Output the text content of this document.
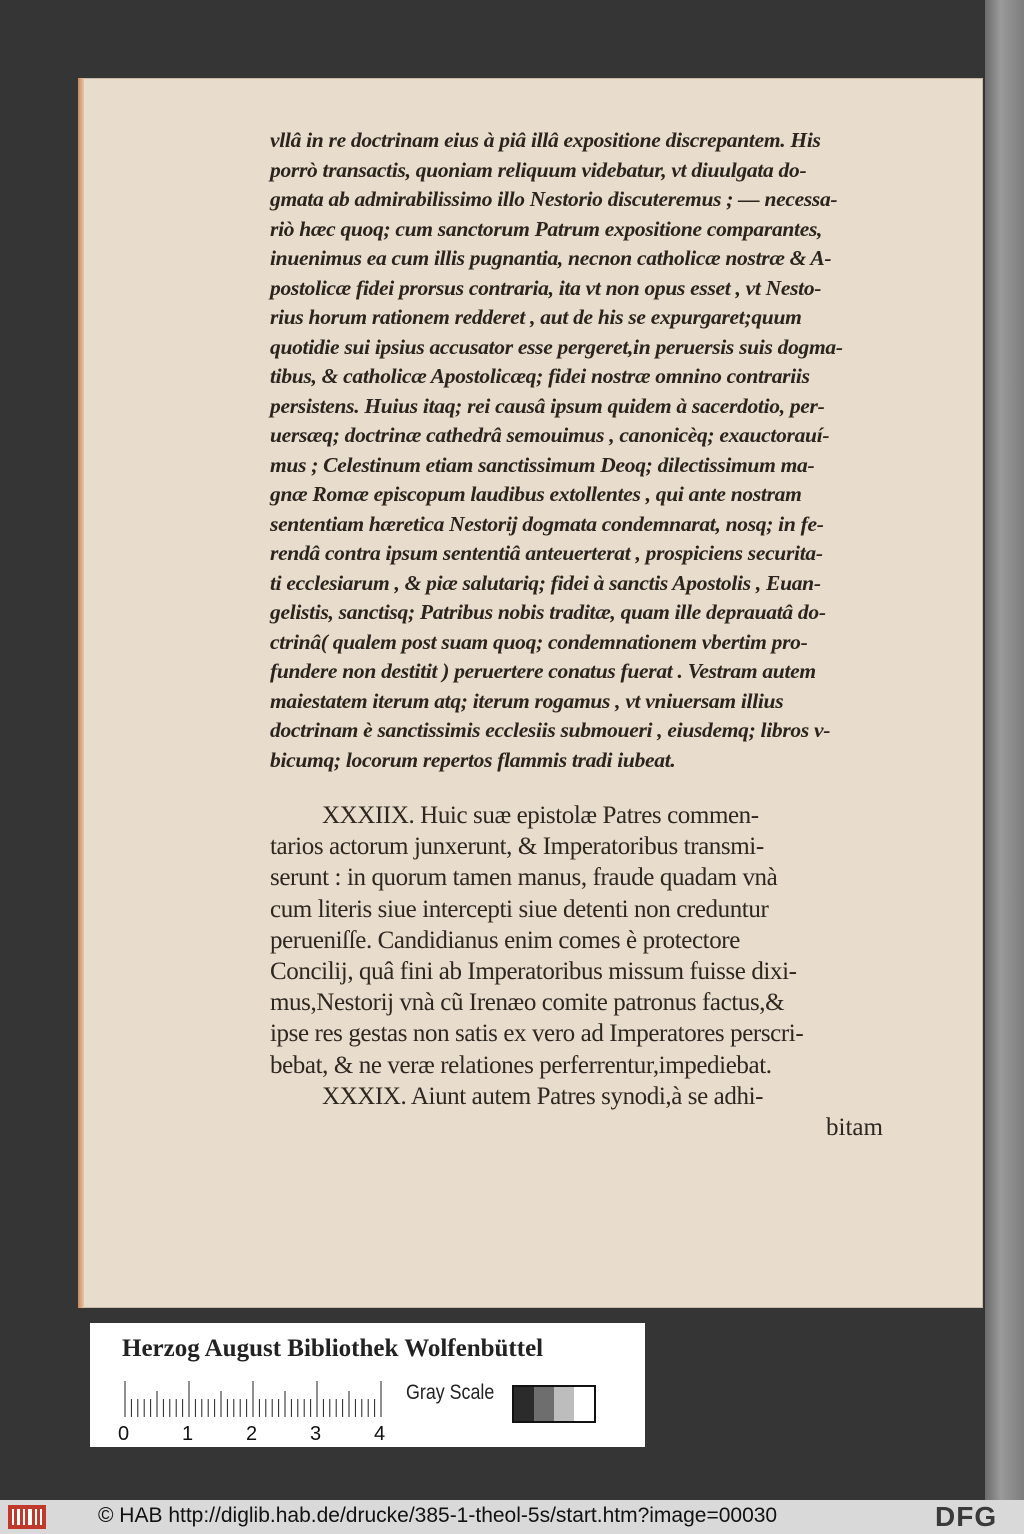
vllâ in re doctrinam eius à piâ illâ expositione discrepantem. His
porrò transactis, quoniam reliquum videbatur, vt diuulgata do-
gmata ab admirabilissimo illo Nestorio discuteremus ; — necessa-
riò hæc quoq; cum sanctorum Patrum expositione comparantes,
inuenimus ea cum illis pugnantia, necnon catholicæ nostræ & A-
postolicæ fidei prorsus contraria, ita vt non opus esset , vt Nesto-
rius horum rationem redderet , aut de his se expurgaret;quum
quotidie sui ipsius accusator esse pergeret,in peruersis suis dogma-
tibus, & catholicæ Apostolicæq; fidei nostræ omnino contrariis
persistens. Huius itaq; rei causâ ipsum quidem à sacerdotio, per-
uersæq; doctrinæ cathedrâ semouimus , canonicèq; exauctorauí-
mus ; Celestinum etiam sanctissimum Deoq; dilectissimum ma-
gnæ Romæ episcopum laudibus extollentes , qui ante nostram
sententiam hæretica Nestorij dogmata condemnarat, nosq; in fe-
rendâ contra ipsum sententiâ anteuerterat , prospiciens securita-
ti ecclesiarum , & piæ salutariq; fidei à sanctis Apostolis , Euan-
gelistis, sanctisq; Patribus nobis traditæ, quam ille deprauatâ do-
ctrinâ( qualem post suam quoq; condemnationem vbertim pro-
fundere non destitit ) peruertere conatus fuerat . Vestram autem
maiestatem iterum atq; iterum rogamus , vt vniuersam illius
doctrinam è sanctissimis ecclesiis submoueri , eiusdemq; libros v-
bicumq; locorum repertos flammis tradi iubeat.
XXXIIX. Huic suæ epistolæ Patres commen-
tarios actorum junxerunt, & Imperatoribus transmi-
serunt : in quorum tamen manus, fraude quadam vnà
cum literis siue intercepti siue detenti non creduntur
perueniſſe. Candidianus enim comes è protectore
Concilij, quâ fini ab Imperatoribus missum fuisse dixi-
mus,Nestorij vnà cũ Irenæo comite patronus factus,&
ipse res gestas non satis ex vero ad Imperatores perscri-
bebat, & ne veræ relationes perferrentur,impediebat.
XXXIX. Aiunt autem Patres synodi,à se adhi-
bitam
Herzog August Bibliothek Wolfenbüttel
0	1	2	3	4
Gray Scale
© HAB http://diglib.hab.de/drucke/385-1-theol-5s/start.htm?image=00030	DFG
